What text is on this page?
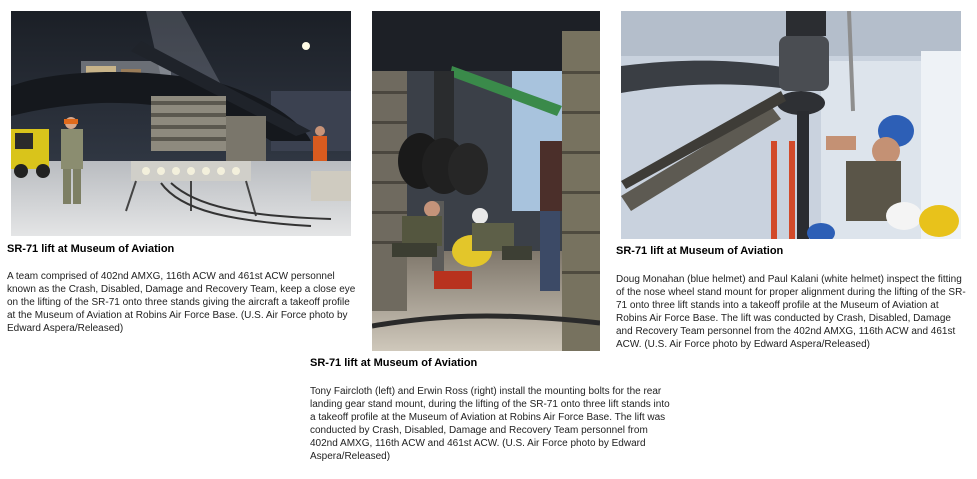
SR-71 lift at Museum of Aviation
A team comprised of 402nd AMXG, 116th ACW and 461st ACW personnel known as the Crash, Disabled, Damage and Recovery Team, keep a close eye on the lifting of the SR-71 onto three stands giving the aircraft a takeoff profile at the Museum of Aviation at Robins Air Force Base. (U.S. Air Force photo by Edward Aspera/Released)
SR-71 lift at Museum of Aviation
Tony Faircloth (left) and Erwin Ross (right) install the mounting bolts for the rear landing gear stand mount, during the lifting of the SR-71 onto three lift stands into a takeoff profile at the Museum of Aviation at Robins Air Force Base. The lift was conducted by Crash, Disabled, Damage and Recovery Team personnel from 402nd AMXG, 116th ACW and 461st ACW. (U.S. Air Force photo by Edward Aspera/Released)
SR-71 lift at Museum of Aviation
Doug Monahan (blue helmet) and Paul Kalani (white helmet) inspect the fitting of the nose wheel stand mount for proper alignment during the lifting of the SR-71 onto three lift stands into a takeoff profile at the Museum of Aviation at Robins Air Force Base. The lift was conducted by Crash, Disabled, Damage and Recovery Team personnel from the 402nd AMXG, 116th ACW and 461st ACW. (U.S. Air Force photo by Edward Aspera/Released)
